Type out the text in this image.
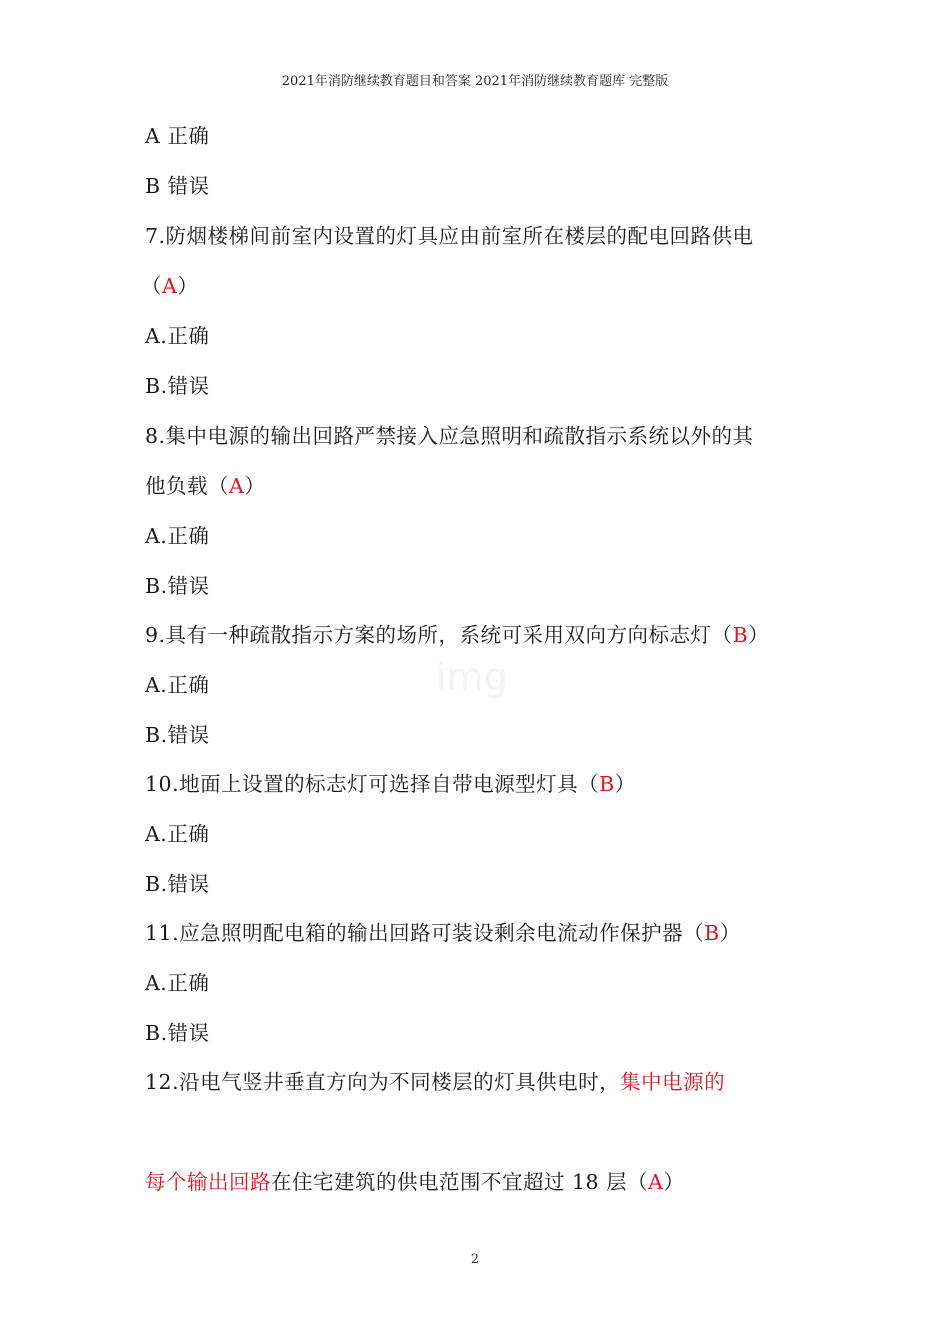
2021年消防继续教育题目和答案 2021年消防继续教育题库 完整版
A 正确
B 错误
7.防烟楼梯间前室内设置的灯具应由前室所在楼层的配电回路供电
（A）
A.正确
B.错误
8.集中电源的输出回路严禁接入应急照明和疏散指示系统以外的其
他负载（A）
A.正确
B.错误
9.具有一种疏散指示方案的场所，系统可采用双向方向标志灯（B）
A.正确
B.错误
10.地面上设置的标志灯可选择自带电源型灯具（B）
A.正确
B.错误
11.应急照明配电箱的输出回路可装设剩余电流动作保护器（B）
A.正确
B.错误
12.沿电气竖井垂直方向为不同楼层的灯具供电时，集中电源的
每个输出回路在住宅建筑的供电范围不宜超过 18 层（A）
img
2
